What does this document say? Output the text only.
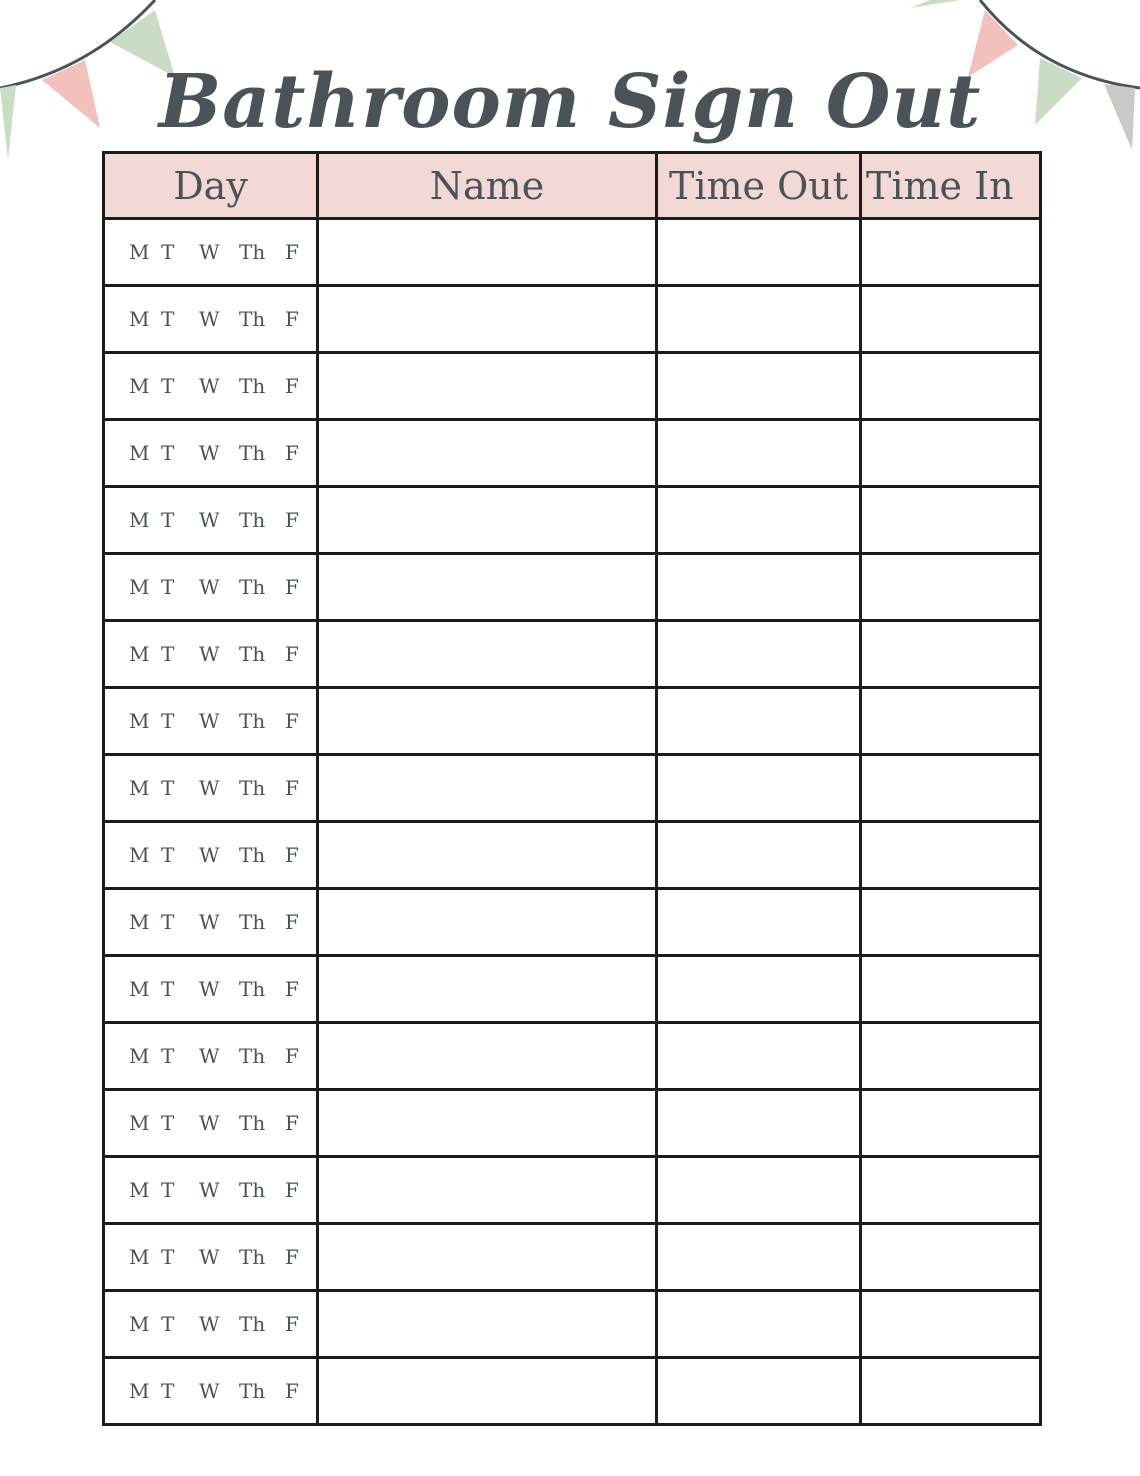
Bathroom Sign Out
Day	Name	Time Out	Time In

M T W Th F			

M T W Th F			

M T W Th F			

M T W Th F			

M T W Th F			

M T W Th F			

M T W Th F			

M T W Th F			

M T W Th F			

M T W Th F			

M T W Th F			

M T W Th F			

M T W Th F			

M T W Th F			

M T W Th F			

M T W Th F			

M T W Th F			

M T W Th F			
